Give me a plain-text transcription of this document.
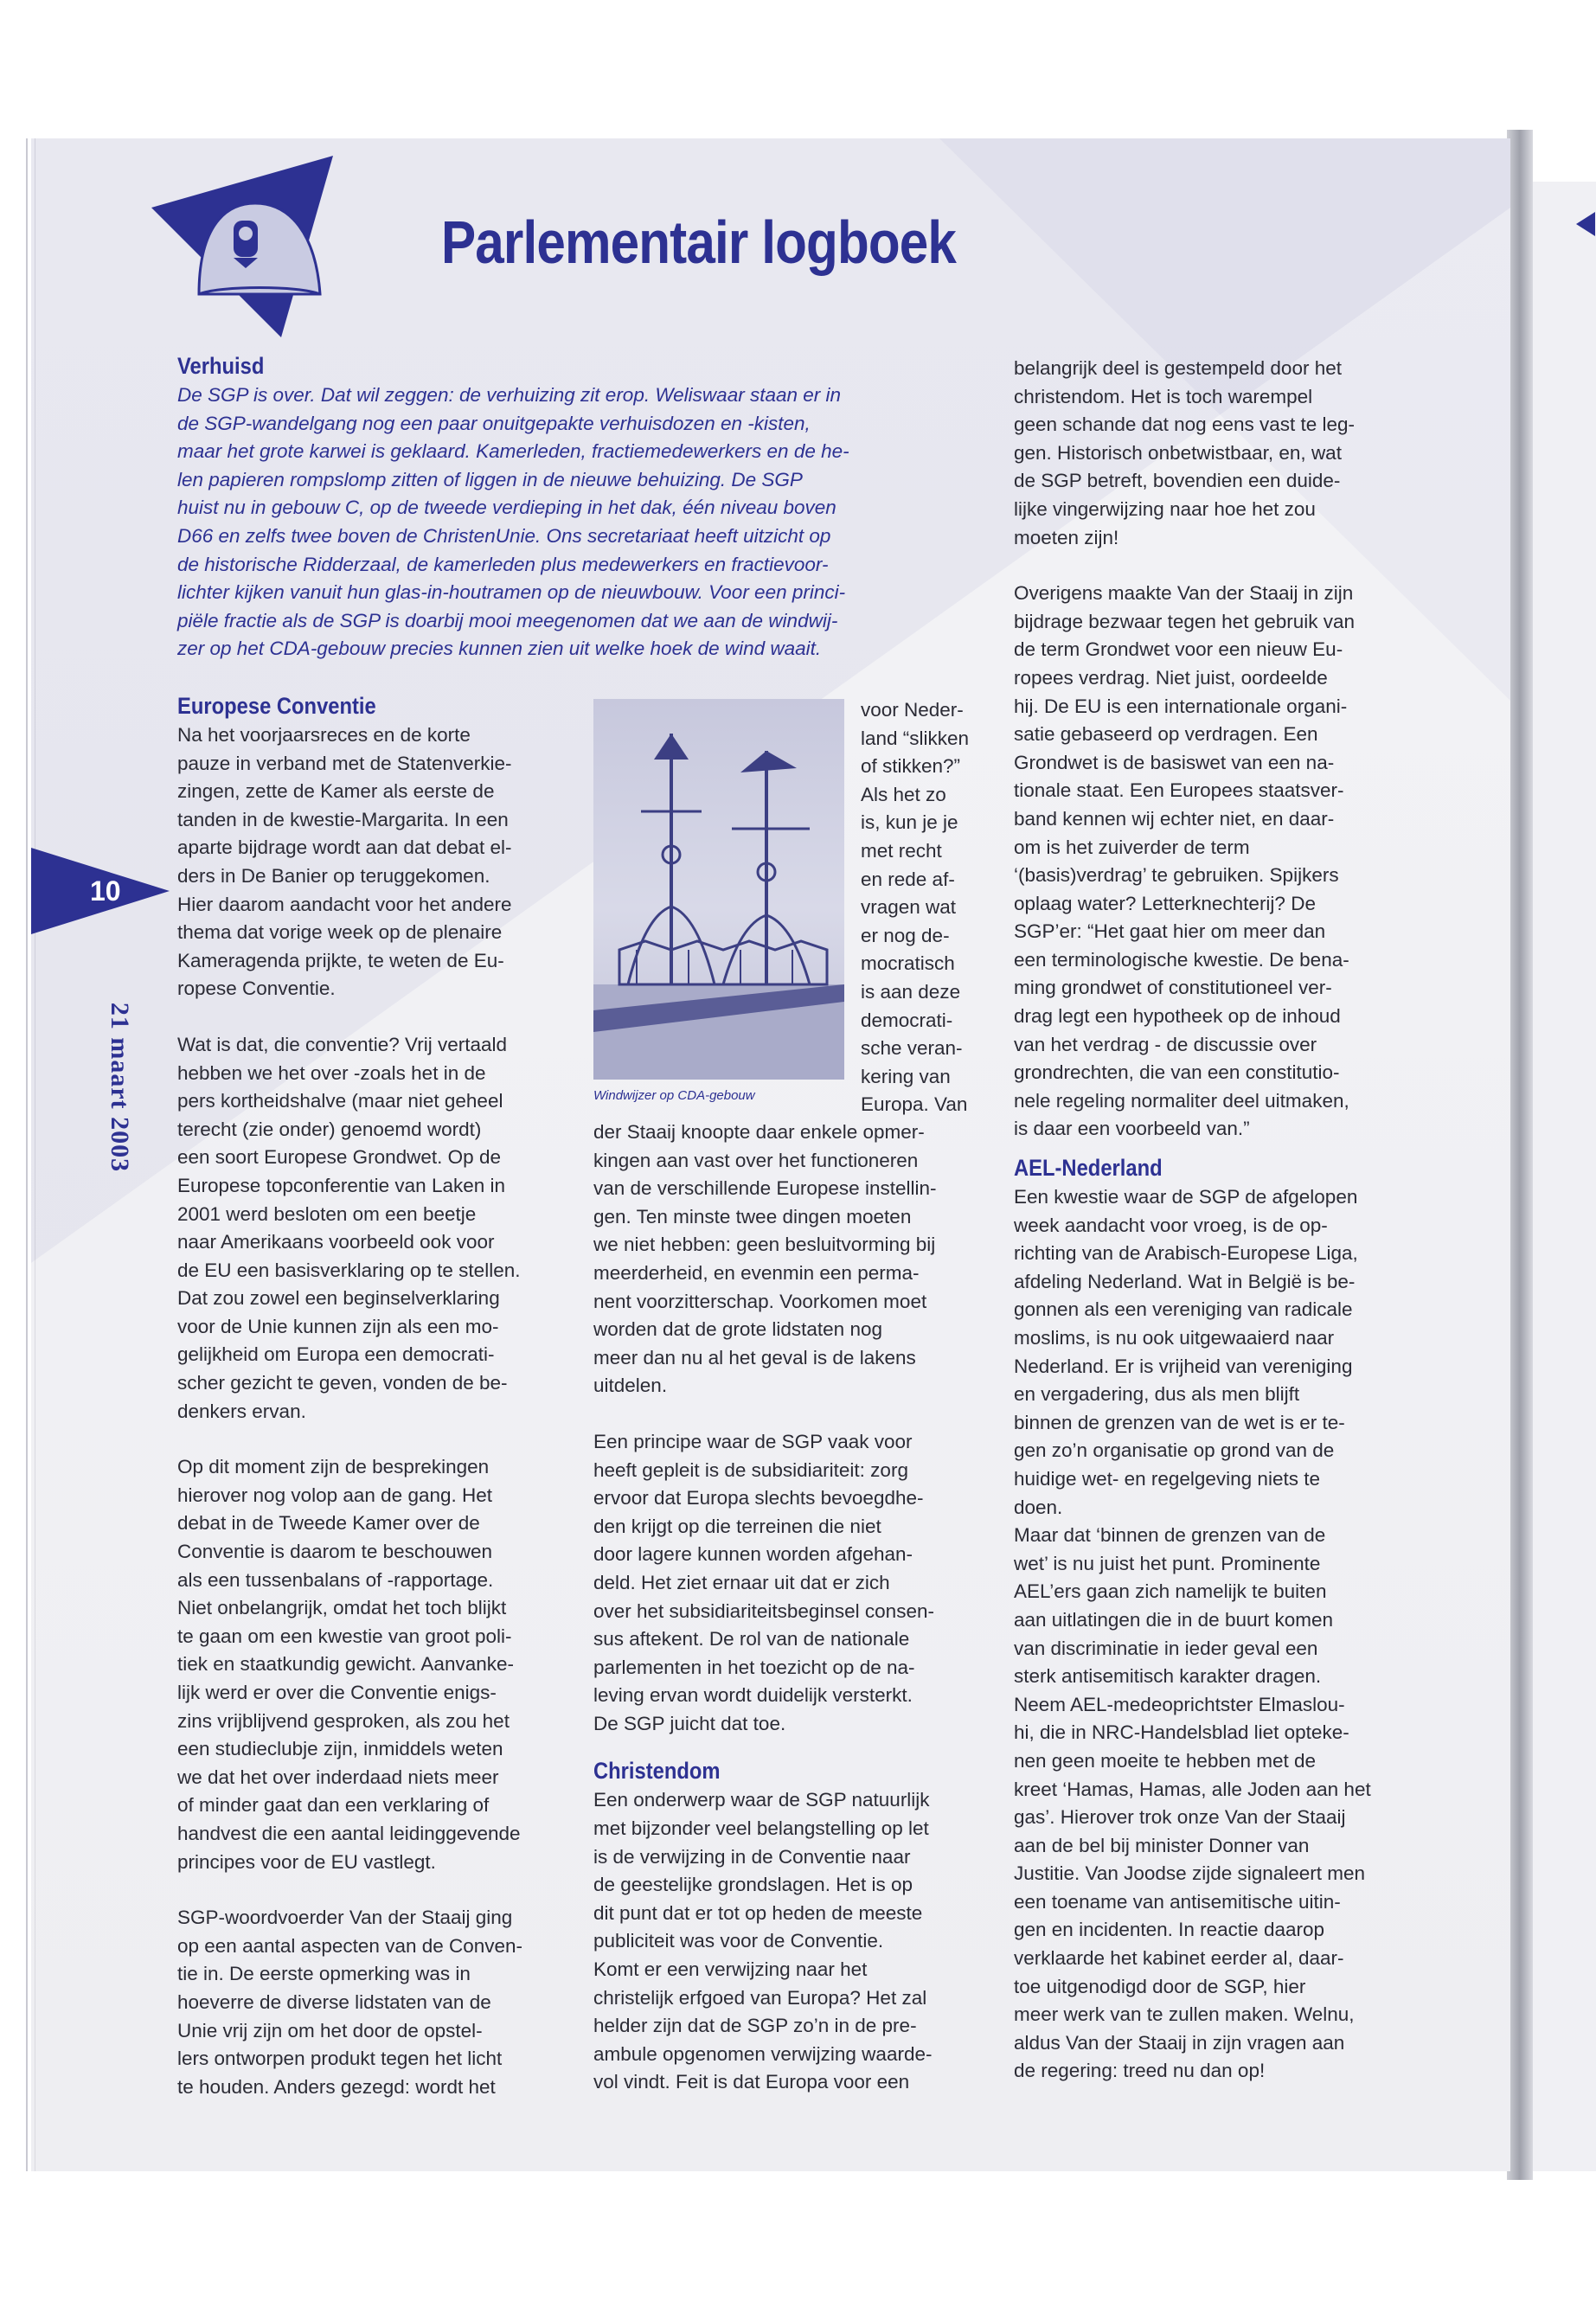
Parlementair logboek
10
21 maart 2003
Verhuisd

De SGP is over. Dat wil zeggen: de verhuizing zit erop. Weliswaar staan er in
de SGP-wandelgang nog een paar onuitgepakte verhuisdozen en -kisten,
maar het grote karwei is geklaard. Kamerleden, fractiemedewerkers en de he-
len papieren rompslomp zitten of liggen in de nieuwe behuizing. De SGP
huist nu in gebouw C, op de tweede verdieping in het dak, één niveau boven
D66 en zelfs twee boven de ChristenUnie. Ons secretariaat heeft uitzicht op
de historische Ridderzaal, de kamerleden plus medewerkers en fractievoor-
lichter kijken vanuit hun glas-in-houtramen op de nieuwbouw. Voor een princi-
piële fractie als de SGP is doarbij mooi meegenomen dat we aan de windwij-
zer op het CDA-gebouw precies kunnen zien uit welke hoek de wind waait.

Europese Conventie

Na het voorjaarsreces en de korte
pauze in verband met de Statenverkie-
zingen, zette de Kamer als eerste de
tanden in de kwestie-Margarita. In een
aparte bijdrage wordt aan dat debat el-
ders in De Banier op teruggekomen.
Hier daarom aandacht voor het andere
thema dat vorige week op de plenaire
Kameragenda prijkte, te weten de Eu-
ropese Conventie.

Wat is dat, die conventie? Vrij vertaald
hebben we het over -zoals het in de
pers kortheidshalve (maar niet geheel
terecht (zie onder) genoemd wordt)
een soort Europese Grondwet. Op de
Europese topconferentie van Laken in
2001 werd besloten om een beetje
naar Amerikaans voorbeeld ook voor
de EU een basisverklaring op te stellen.
Dat zou zowel een beginselverklaring
voor de Unie kunnen zijn als een mo-
gelijkheid om Europa een democrati-
scher gezicht te geven, vonden de be-
denkers ervan.

Op dit moment zijn de besprekingen
hierover nog volop aan de gang. Het
debat in de Tweede Kamer over de
Conventie is daarom te beschouwen
als een tussenbalans of -rapportage.
Niet onbelangrijk, omdat het toch blijkt
te gaan om een kwestie van groot poli-
tiek en staatkundig gewicht. Aanvanke-
lijk werd er over die Conventie enigs-
zins vrijblijvend gesproken, als zou het
een studieclubje zijn, inmiddels weten
we dat het over inderdaad niets meer
of minder gaat dan een verklaring of
handvest die een aantal leidinggevende
principes voor de EU vastlegt.

SGP-woordvoerder Van der Staaij ging
op een aantal aspecten van de Conven-
tie in. De eerste opmerking was in
hoeverre de diverse lidstaten van de
Unie vrij zijn om het door de opstel-
lers ontworpen produkt tegen het licht
te houden. Anders gezegd: wordt het

Windwijzer op CDA-gebouw
voor Neder-
land “slikken
of stikken?”
Als het zo
is, kun je je
met recht
en rede af-
vragen wat
er nog de-
mocratisch
is aan deze
democrati-
sche veran-
kering van
Europa. Van

der Staaij knoopte daar enkele opmer-
kingen aan vast over het functioneren
van de verschillende Europese instellin-
gen. Ten minste twee dingen moeten
we niet hebben: geen besluitvorming bij
meerderheid, en evenmin een perma-
nent voorzitterschap. Voorkomen moet
worden dat de grote lidstaten nog
meer dan nu al het geval is de lakens
uitdelen.

Een principe waar de SGP vaak voor
heeft gepleit is de subsidiariteit: zorg
ervoor dat Europa slechts bevoegdhe-
den krijgt op die terreinen die niet
door lagere kunnen worden afgehan-
deld. Het ziet ernaar uit dat er zich
over het subsidiariteitsbeginsel consen-
sus aftekent. De rol van de nationale
parlementen in het toezicht op de na-
leving ervan wordt duidelijk versterkt.
De SGP juicht dat toe.

Christendom

Een onderwerp waar de SGP natuurlijk
met bijzonder veel belangstelling op let
is de verwijzing in de Conventie naar
de geestelijke grondslagen. Het is op
dit punt dat er tot op heden de meeste
publiciteit was voor de Conventie.
Komt er een verwijzing naar het
christelijk erfgoed van Europa? Het zal
helder zijn dat de SGP zo’n in de pre-
ambule opgenomen verwijzing waarde-
vol vindt. Feit is dat Europa voor een

belangrijk deel is gestempeld door het
christendom. Het is toch warempel
geen schande dat nog eens vast te leg-
gen. Historisch onbetwistbaar, en, wat
de SGP betreft, bovendien een duide-
lijke vingerwijzing naar hoe het zou
moeten zijn!

Overigens maakte Van der Staaij in zijn
bijdrage bezwaar tegen het gebruik van
de term Grondwet voor een nieuw Eu-
ropees verdrag. Niet juist, oordeelde
hij. De EU is een internationale organi-
satie gebaseerd op verdragen. Een
Grondwet is de basiswet van een na-
tionale staat. Een Europees staatsver-
band kennen wij echter niet, en daar-
om is het zuiverder de term
‘(basis)verdrag’ te gebruiken. Spijkers
oplaag water? Letterknechterij? De
SGP’er: “Het gaat hier om meer dan
een terminologische kwestie. De bena-
ming grondwet of constitutioneel ver-
drag legt een hypotheek op de inhoud
van het verdrag - de discussie over
grondrechten, die van een constitutio-
nele regeling normaliter deel uitmaken,
is daar een voorbeeld van.”

AEL-Nederland

Een kwestie waar de SGP de afgelopen
week aandacht voor vroeg, is de op-
richting van de Arabisch-Europese Liga,
afdeling Nederland. Wat in België is be-
gonnen als een vereniging van radicale
moslims, is nu ook uitgewaaierd naar
Nederland. Er is vrijheid van vereniging
en vergadering, dus als men blijft
binnen de grenzen van de wet is er te-
gen zo’n organisatie op grond van de
huidige wet- en regelgeving niets te
doen.

Maar dat ‘binnen de grenzen van de
wet’ is nu juist het punt. Prominente
AEL’ers gaan zich namelijk te buiten
aan uitlatingen die in de buurt komen
van discriminatie in ieder geval een
sterk antisemitisch karakter dragen.
Neem AEL-medeoprichtster Elmaslou-
hi, die in NRC-Handelsblad liet opteke-
nen geen moeite te hebben met de
kreet ‘Hamas, Hamas, alle Joden aan het
gas’. Hierover trok onze Van der Staaij
aan de bel bij minister Donner van
Justitie. Van Joodse zijde signaleert men
een toename van antisemitische uitin-
gen en incidenten. In reactie daarop
verklaarde het kabinet eerder al, daar-
toe uitgenodigd door de SGP, hier
meer werk van te zullen maken. Welnu,
aldus Van der Staaij in zijn vragen aan
de regering: treed nu dan op!
